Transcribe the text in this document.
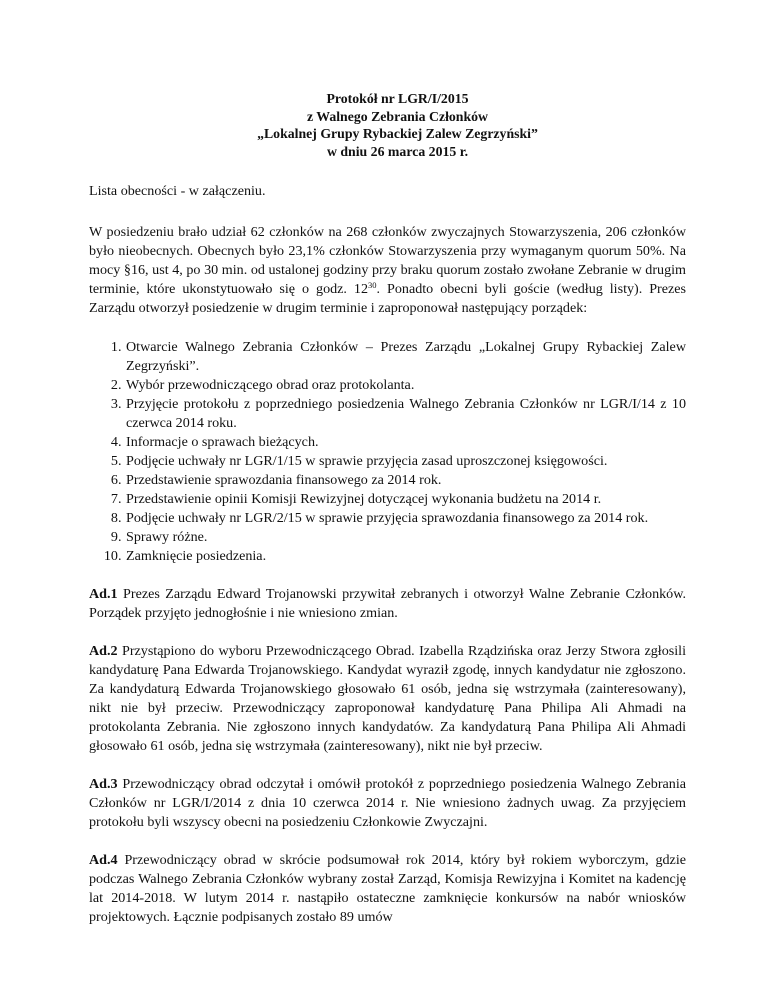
Protokół nr LGR/I/2015
z Walnego Zebrania Członków
„Lokalnej Grupy Rybackiej Zalew Zegrzyński”
w dniu 26 marca 2015 r.

Lista obecności - w załączeniu.

W posiedzeniu brało udział 62 członków na 268 członków zwyczajnych Stowarzyszenia, 206 członków było nieobecnych. Obecnych było 23,1% członków Stowarzyszenia przy wymaganym quorum 50%. Na mocy §16, ust 4, po 30 min. od ustalonej godziny przy braku quorum zostało zwołane Zebranie w drugim terminie, które ukonstytuowało się o godz. $12^{30}$. Ponadto obecni byli goście (według listy). Prezes Zarządu otworzył posiedzenie w drugim terminie i zaproponował następujący porządek:

1. Otwarcie Walnego Zebrania Członków – Prezes Zarządu „Lokalnej Grupy Rybackiej Zalew Zegrzyński”.
2. Wybór przewodniczącego obrad oraz protokolanta.
3. Przyjęcie protokołu z poprzedniego posiedzenia Walnego Zebrania Członków nr LGR/I/14 z 10 czerwca 2014 roku.
4. Informacje o sprawach bieżących.
5. Podjęcie uchwały nr LGR/1/15 w sprawie przyjęcia zasad uproszczonej księgowości.
6. Przedstawienie sprawozdania finansowego za 2014 rok.
7. Przedstawienie opinii Komisji Rewizyjnej dotyczącej wykonania budżetu na 2014 r.
8. Podjęcie uchwały nr LGR/2/15 w sprawie przyjęcia sprawozdania finansowego za 2014 rok.
9. Sprawy różne.
10. Zamknięcie posiedzenia.

Ad.1 Prezes Zarządu Edward Trojanowski przywitał zebranych i otworzył Walne Zebranie Członków. Porządek przyjęto jednogłośnie i nie wniesiono zmian.

Ad.2 Przystąpiono do wyboru Przewodniczącego Obrad. Izabella Rządzińska oraz Jerzy Stwora zgłosili kandydaturę Pana Edwarda Trojanowskiego. Kandydat wyraził zgodę, innych kandydatur nie zgłoszono. Za kandydaturą Edwarda Trojanowskiego głosowało 61 osób, jedna się wstrzymała (zainteresowany), nikt nie był przeciw. Przewodniczący zaproponował kandydaturę Pana Philipa Ali Ahmadi na protokolanta Zebrania. Nie zgłoszono innych kandydatów. Za kandydaturą Pana Philipa Ali Ahmadi głosowało 61 osób, jedna się wstrzymała (zainteresowany), nikt nie był przeciw.

Ad.3 Przewodniczący obrad odczytał i omówił protokół z poprzedniego posiedzenia Walnego Zebrania Członków nr LGR/I/2014 z dnia 10 czerwca 2014 r. Nie wniesiono żadnych uwag. Za przyjęciem protokołu byli wszyscy obecni na posiedzeniu Członkowie Zwyczajni.

Ad.4 Przewodniczący obrad w skrócie podsumował rok 2014, który był rokiem wyborczym, gdzie podczas Walnego Zebrania Członków wybrany został Zarząd, Komisja Rewizyjna i Komitet na kadencję lat 2014-2018. W lutym 2014 r. nastąpiło ostateczne zamknięcie konkursów na nabór wniosków projektowych. Łącznie podpisanych zostało 89 umów
